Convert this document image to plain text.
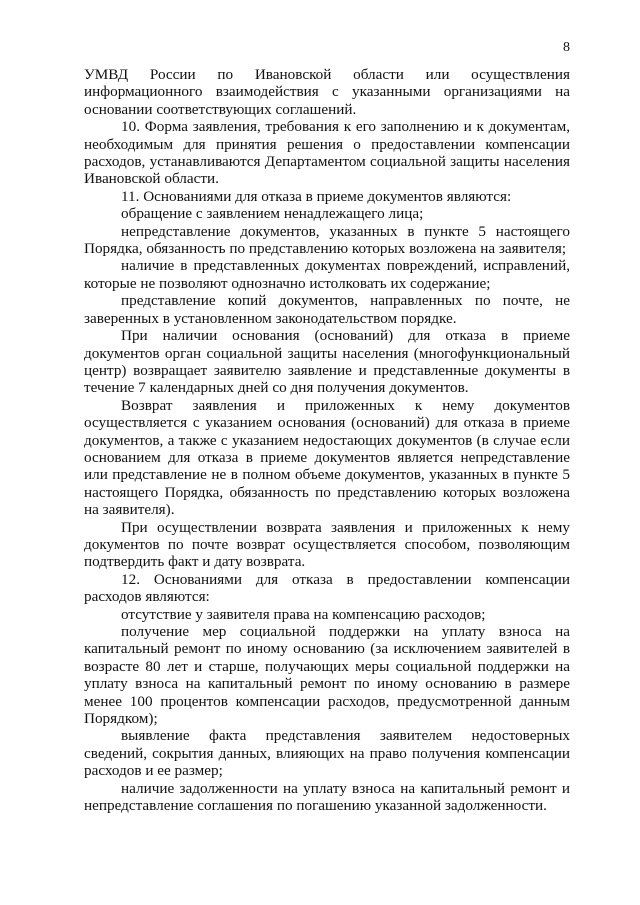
8

УМВД России по Ивановской области или осуществления информационного взаимодействия с указанными организациями на основании соответствующих соглашений.

10. Форма заявления, требования к его заполнению и к документам, необходимым для принятия решения о предоставлении компенсации расходов, устанавливаются Департаментом социальной защиты населения Ивановской области.

11. Основаниями для отказа в приеме документов являются:

обращение с заявлением ненадлежащего лица;

непредставление документов, указанных в пункте 5 настоящего Порядка, обязанность по представлению которых возложена на заявителя;

наличие в представленных документах повреждений, исправлений, которые не позволяют однозначно истолковать их содержание;

представление копий документов, направленных по почте, не заверенных в установленном законодательством порядке.

При наличии основания (оснований) для отказа в приеме документов орган социальной защиты населения (многофункциональный центр) возвращает заявителю заявление и представленные документы в течение 7 календарных дней со дня получения документов.

Возврат заявления и приложенных к нему документов осуществляется с указанием основания (оснований) для отказа в приеме документов, а также с указанием недостающих документов (в случае если основанием для отказа в приеме документов является непредставление или представление не в полном объеме документов, указанных в пункте 5 настоящего Порядка, обязанность по представлению которых возложена на заявителя).

При осуществлении возврата заявления и приложенных к нему документов по почте возврат осуществляется способом, позволяющим подтвердить факт и дату возврата.

12. Основаниями для отказа в предоставлении компенсации расходов являются:

отсутствие у заявителя права на компенсацию расходов;

получение мер социальной поддержки на уплату взноса на капитальный ремонт по иному основанию (за исключением заявителей в возрасте 80 лет и старше, получающих меры социальной поддержки на уплату взноса на капитальный ремонт по иному основанию в размере менее 100 процентов компенсации расходов, предусмотренной данным Порядком);

выявление факта представления заявителем недостоверных сведений, сокрытия данных, влияющих на право получения компенсации расходов и ее размер;

наличие задолженности на уплату взноса на капитальный ремонт и непредставление соглашения по погашению указанной задолженности.
